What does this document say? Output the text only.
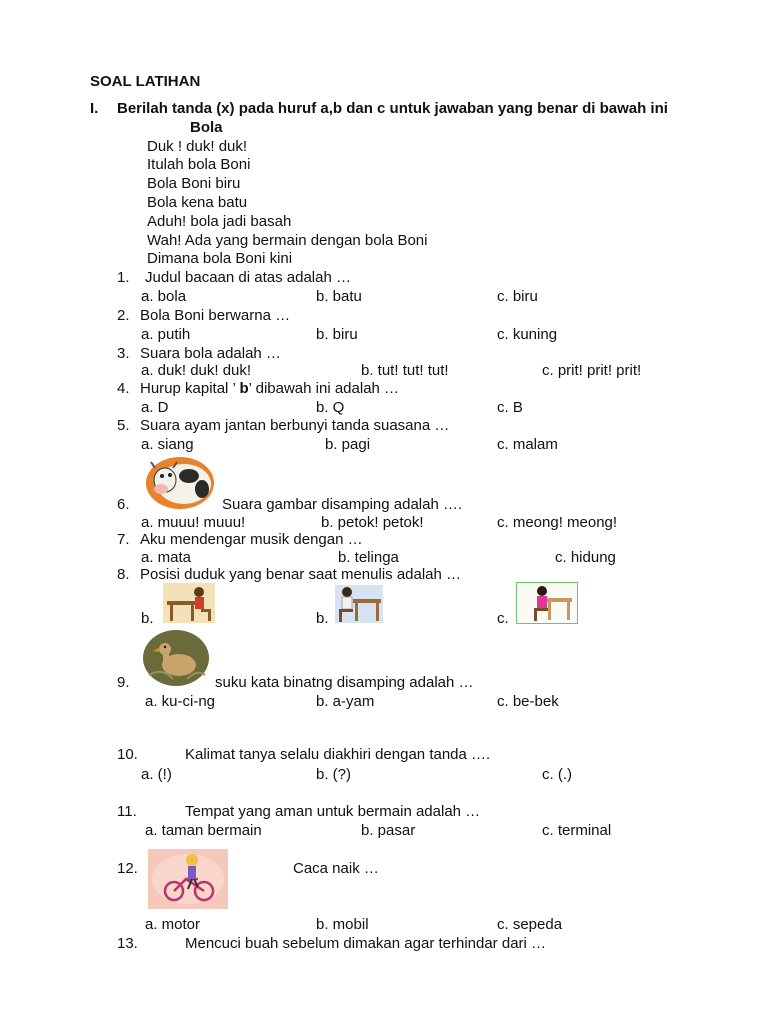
SOAL LATIHAN
I. Berilah tanda (x) pada huruf a,b dan c untuk jawaban yang benar di bawah ini
Bola
Duk ! duk! duk!
Itulah bola Boni
Bola Boni biru
Bola kena batu
Aduh! bola jadi basah
Wah! Ada yang bermain dengan bola Boni
Dimana bola Boni kini
1. Judul bacaan di atas adalah …
a. bola	b. batu	c. biru
2. Bola Boni berwarna …
a. putih	b. biru	c. kuning
3. Suara bola adalah …
a. duk! duk! duk!	b. tut! tut! tut!	c. prit! prit! prit!
4. Hurup kapital ’ b’ dibawah ini adalah …
a. D	b. Q	c. B
5. Suara ayam jantan berbunyi tanda suasana …
a. siang	b. pagi	c. malam
6.	Suara gambar disamping adalah ….
a. muuu! muuu!	b. petok! petok!	c. meong! meong!
7. Aku mendengar musik dengan …
a. mata	b. telinga	c. hidung
8. Posisi duduk yang benar saat menulis adalah …
b.	b.	c.
9.	suku kata binatng disamping adalah …
a. ku-ci-ng	b. a-yam	c. be-bek
10.	Kalimat tanya selalu diakhiri dengan tanda ….
a. (!)	b. (?)	c. (.)
11.	Tempat yang aman untuk bermain adalah …
a. taman bermain	b. pasar	c. terminal
12.	Caca naik …
a. motor	b. mobil	c. sepeda
13.	Mencuci buah sebelum dimakan agar terhindar dari …
